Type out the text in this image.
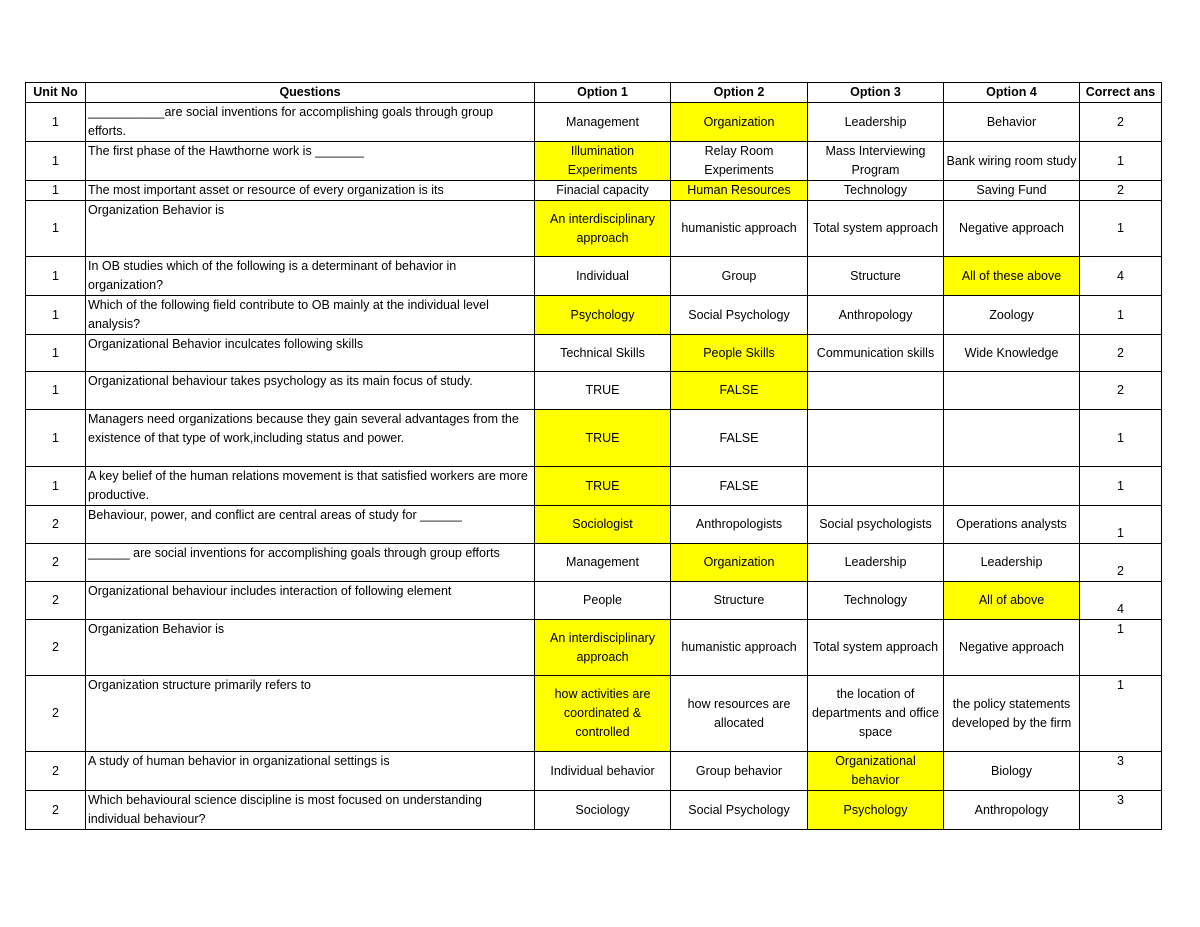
Unit No	Questions	Option 1	Option 2	Option 3	Option 4	Correct ans
1	___________are social inventions for accomplishing goals through group efforts.	Management	Organization	Leadership	Behavior	2
1	The first phase of the Hawthorne work is _______	Illumination Experiments	Relay Room Experiments	Mass Interviewing Program	Bank wiring room study	1
1	The most important asset or resource of every organization is its	Finacial capacity	Human Resources	Technology	Saving Fund	2
1	Organization Behavior is	An interdisciplinary approach	humanistic approach	Total system approach	Negative approach	1
1	In OB studies which of the following is a determinant of behavior in organization?	Individual	Group	Structure	All of these above	4
1	Which of the following field contribute to OB mainly at the individual level analysis?	Psychology	Social Psychology	Anthropology	Zoology	1
1	Organizational Behavior inculcates following skills	Technical Skills	People Skills	Communication skills	Wide Knowledge	2
1	Organizational behaviour takes psychology as its main focus of study.	TRUE	FALSE			2
1	Managers need organizations because they gain several advantages from the existence of that type of work,including status and power.	TRUE	FALSE			1
1	A key belief of the human relations movement is that satisfied workers are more productive.	TRUE	FALSE			1
2	Behaviour, power, and conflict are central areas of study for ______	Sociologist	Anthropologists	Social psychologists	Operations analysts	1
2	______ are social inventions for accomplishing goals through group efforts	Management	Organization	Leadership	Leadership	2
2	Organizational behaviour includes interaction of following element	People	Structure	Technology	All of above	4
2	Organization Behavior is	An interdisciplinary approach	humanistic approach	Total system approach	Negative approach	1
2	Organization structure primarily refers to	how activities are coordinated & controlled	how resources are allocated	the location of departments and office space	the policy statements developed by the firm	1
2	A study of human behavior in organizational settings is	Individual behavior	Group behavior	Organizational behavior	Biology	3
2	Which behavioural science discipline is most focused on understanding individual behaviour?	Sociology	Social Psychology	Psychology	Anthropology	3
